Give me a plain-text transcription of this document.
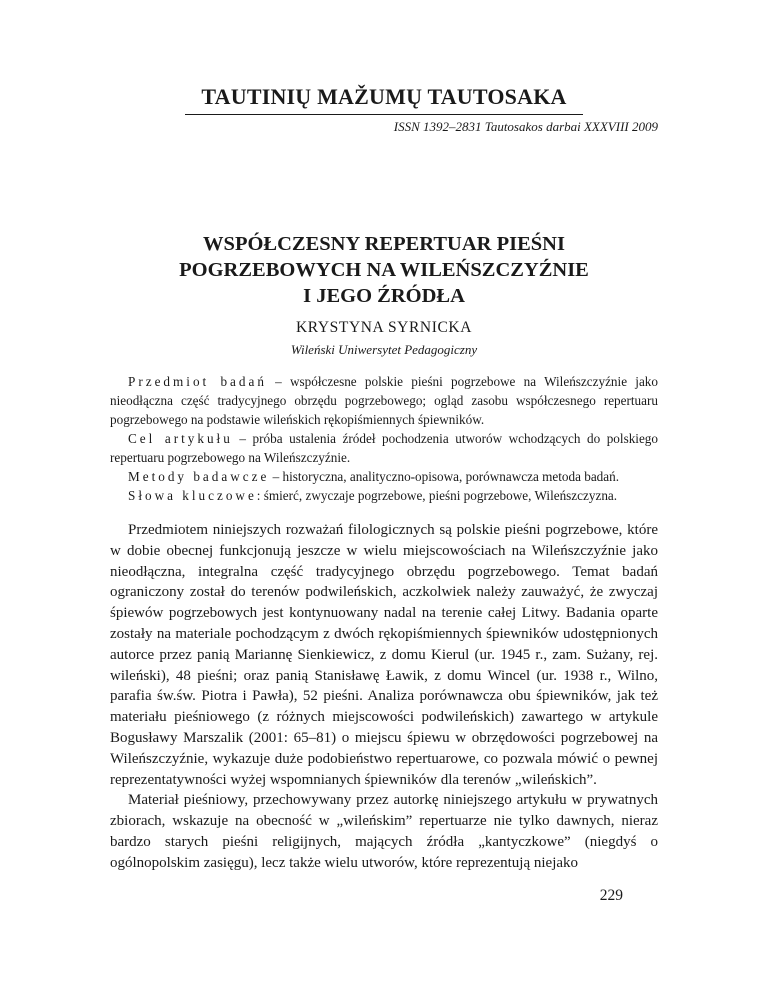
TAUTINIŲ MAŽUMŲ TAUTOSAKA
ISSN 1392–2831 Tautosakos darbai XXXVIII 2009
WSPÓŁCZESNY REPERTUAR PIEŚNI
POGRZEBOWYCH NA WILEŃSZCZYŹNIE
I JEGO ŹRÓDŁA
KRYSTYNA SYRNICKA
Wileński Uniwersytet Pedagogiczny

Przedmiot badań – współczesne polskie pieśni pogrzebowe na Wileńszczyźnie jako nieodłączna część tradycyjnego obrzędu pogrzebowego; ogląd zasobu współczesnego repertuaru pogrzebowego na podstawie wileńskich rękopiśmiennych śpiewników.

Cel artykułu – próba ustalenia źródeł pochodzenia utworów wchodzących do polskiego repertuaru pogrzebowego na Wileńszczyźnie.

Metody badawcze – historyczna, analityczno-opisowa, porównawcza metoda badań.

Słowa kluczowe: śmierć, zwyczaje pogrzebowe, pieśni pogrzebowe, Wileńszczyzna.

Przedmiotem niniejszych rozważań filologicznych są polskie pieśni pogrzebowe, które w dobie obecnej funkcjonują jeszcze w wielu miejscowościach na Wileńszczyźnie jako nieodłączna, integralna część tradycyjnego obrzędu pogrzebowego. Temat badań ograniczony został do terenów podwileńskich, aczkolwiek należy zauważyć, że zwyczaj śpiewów pogrzebowych jest kontynuowany nadal na terenie całej Litwy. Badania oparte zostały na materiale pochodzącym z dwóch rękopiśmiennych śpiewników udostępnionych autorce przez panią Mariannę Sienkiewicz, z domu Kierul (ur. 1945 r., zam. Sużany, rej. wileński), 48 pieśni; oraz panią Stanisławę Ławik, z domu Wincel (ur. 1938 r., Wilno, parafia św.św. Piotra i Pawła), 52 pieśni. Analiza porównawcza obu śpiewników, jak też materiału pieśniowego (z różnych miejscowości podwileńskich) zawartego w artykule Bogusławy Marszalik (2001: 65–81) o miejscu śpiewu w obrzędowości pogrzebowej na Wileńszczyźnie, wykazuje duże podobieństwo repertuarowe, co pozwala mówić o pewnej reprezentatywności wyżej wspomnianych śpiewników dla terenów „wileńskich”.

Materiał pieśniowy, przechowywany przez autorkę niniejszego artykułu w prywatnych zbiorach, wskazuje na obecność w „wileńskim” repertuarze nie tylko dawnych, nieraz bardzo starych pieśni religijnych, mających źródła „kantyczkowe” (niegdyś o ogólnopolskim zasięgu), lecz także wielu utworów, które reprezentują niejako

229
